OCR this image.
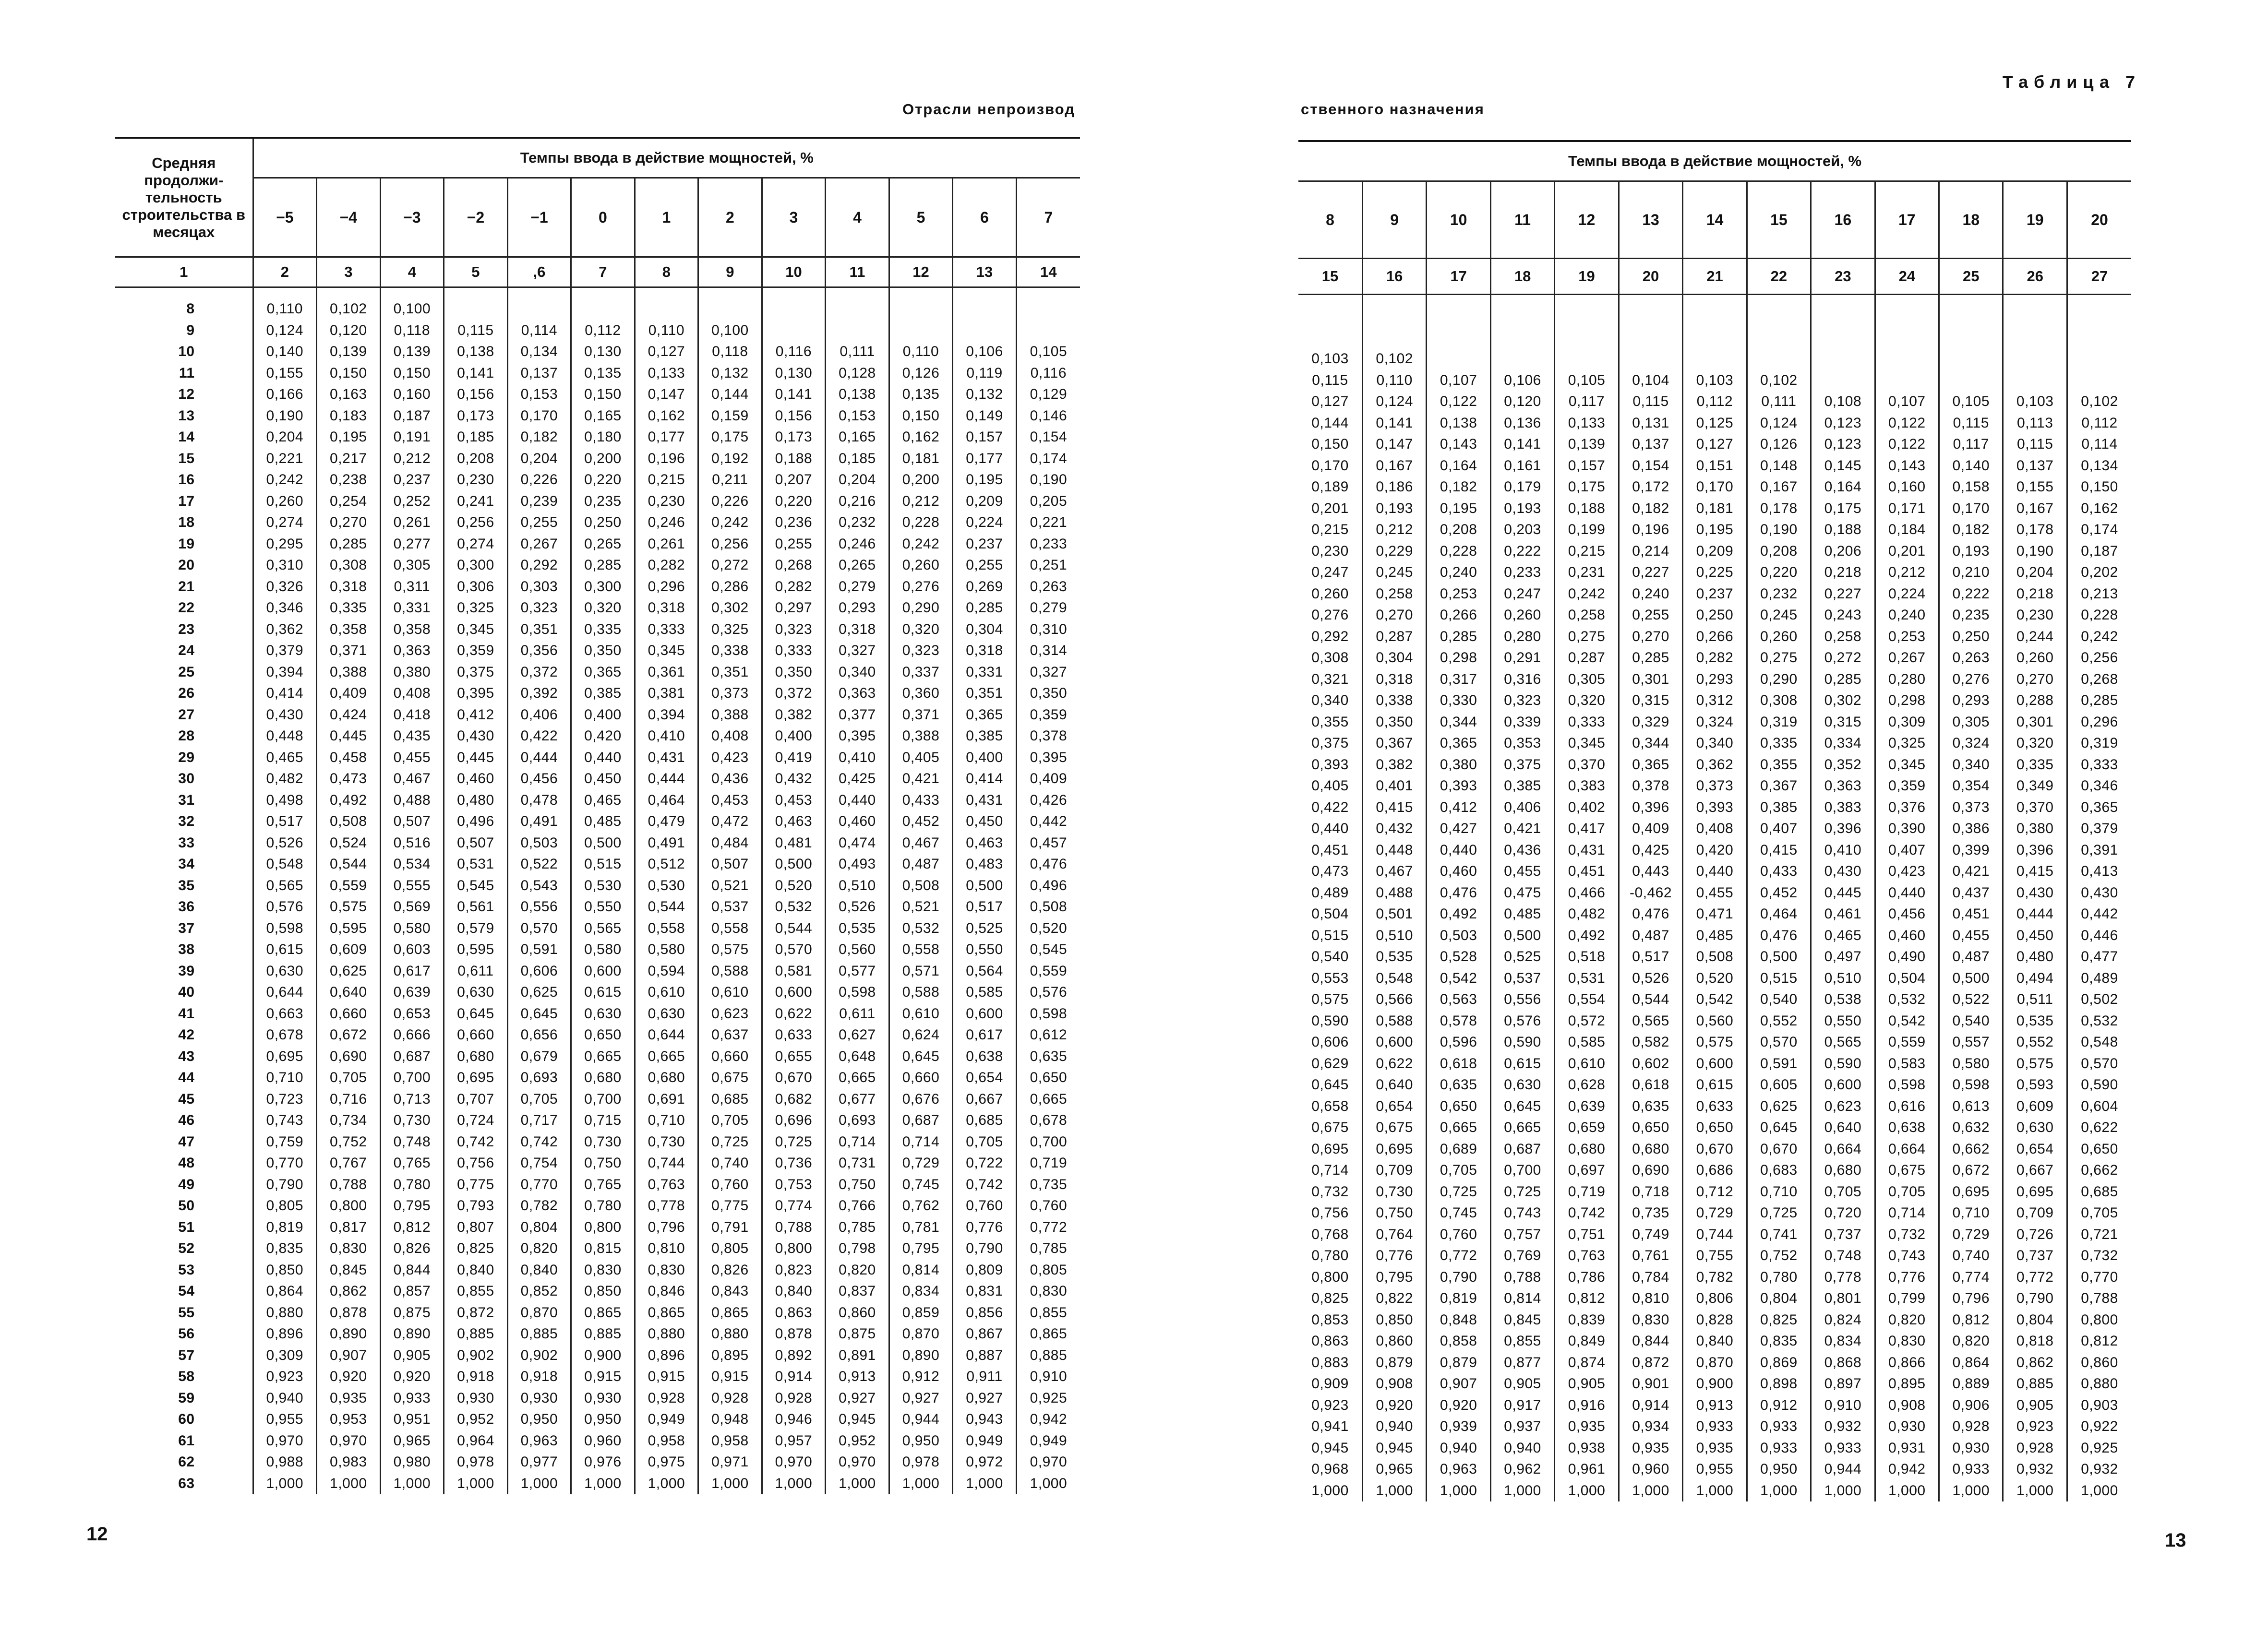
Таблица 7
Отрасли непроизвод	ственного назначения
Средняя продолжи-тельность строительства в месяцах	Темпы ввода в действие мощностей, %												
	−5	−4	−3	−2	−1	0	1	2	3	4	5	6	7
1	2	3	4	5	,6	7	8	9	10	11	12	13	14

8	0,110	0,102	0,100										
9	0,124	0,120	0,118	0,115	0,114	0,112	0,110	0,100					
10	0,140	0,139	0,139	0,138	0,134	0,130	0,127	0,118	0,116	0,111	0,110	0,106	0,105
11	0,155	0,150	0,150	0,141	0,137	0,135	0,133	0,132	0,130	0,128	0,126	0,119	0,116
12	0,166	0,163	0,160	0,156	0,153	0,150	0,147	0,144	0,141	0,138	0,135	0,132	0,129
13	0,190	0,183	0,187	0,173	0,170	0,165	0,162	0,159	0,156	0,153	0,150	0,149	0,146
14	0,204	0,195	0,191	0,185	0,182	0,180	0,177	0,175	0,173	0,165	0,162	0,157	0,154
15	0,221	0,217	0,212	0,208	0,204	0,200	0,196	0,192	0,188	0,185	0,181	0,177	0,174
16	0,242	0,238	0,237	0,230	0,226	0,220	0,215	0,211	0,207	0,204	0,200	0,195	0,190
17	0,260	0,254	0,252	0,241	0,239	0,235	0,230	0,226	0,220	0,216	0,212	0,209	0,205
18	0,274	0,270	0,261	0,256	0,255	0,250	0,246	0,242	0,236	0,232	0,228	0,224	0,221
19	0,295	0,285	0,277	0,274	0,267	0,265	0,261	0,256	0,255	0,246	0,242	0,237	0,233
20	0,310	0,308	0,305	0,300	0,292	0,285	0,282	0,272	0,268	0,265	0,260	0,255	0,251
21	0,326	0,318	0,311	0,306	0,303	0,300	0,296	0,286	0,282	0,279	0,276	0,269	0,263
22	0,346	0,335	0,331	0,325	0,323	0,320	0,318	0,302	0,297	0,293	0,290	0,285	0,279
23	0,362	0,358	0,358	0,345	0,351	0,335	0,333	0,325	0,323	0,318	0,320	0,304	0,310
24	0,379	0,371	0,363	0,359	0,356	0,350	0,345	0,338	0,333	0,327	0,323	0,318	0,314
25	0,394	0,388	0,380	0,375	0,372	0,365	0,361	0,351	0,350	0,340	0,337	0,331	0,327
26	0,414	0,409	0,408	0,395	0,392	0,385	0,381	0,373	0,372	0,363	0,360	0,351	0,350
27	0,430	0,424	0,418	0,412	0,406	0,400	0,394	0,388	0,382	0,377	0,371	0,365	0,359
28	0,448	0,445	0,435	0,430	0,422	0,420	0,410	0,408	0,400	0,395	0,388	0,385	0,378
29	0,465	0,458	0,455	0,445	0,444	0,440	0,431	0,423	0,419	0,410	0,405	0,400	0,395
30	0,482	0,473	0,467	0,460	0,456	0,450	0,444	0,436	0,432	0,425	0,421	0,414	0,409
31	0,498	0,492	0,488	0,480	0,478	0,465	0,464	0,453	0,453	0,440	0,433	0,431	0,426
32	0,517	0,508	0,507	0,496	0,491	0,485	0,479	0,472	0,463	0,460	0,452	0,450	0,442
33	0,526	0,524	0,516	0,507	0,503	0,500	0,491	0,484	0,481	0,474	0,467	0,463	0,457
34	0,548	0,544	0,534	0,531	0,522	0,515	0,512	0,507	0,500	0,493	0,487	0,483	0,476
35	0,565	0,559	0,555	0,545	0,543	0,530	0,530	0,521	0,520	0,510	0,508	0,500	0,496
36	0,576	0,575	0,569	0,561	0,556	0,550	0,544	0,537	0,532	0,526	0,521	0,517	0,508
37	0,598	0,595	0,580	0,579	0,570	0,565	0,558	0,558	0,544	0,535	0,532	0,525	0,520
38	0,615	0,609	0,603	0,595	0,591	0,580	0,580	0,575	0,570	0,560	0,558	0,550	0,545
39	0,630	0,625	0,617	0,611	0,606	0,600	0,594	0,588	0,581	0,577	0,571	0,564	0,559
40	0,644	0,640	0,639	0,630	0,625	0,615	0,610	0,610	0,600	0,598	0,588	0,585	0,576
41	0,663	0,660	0,653	0,645	0,645	0,630	0,630	0,623	0,622	0,611	0,610	0,600	0,598
42	0,678	0,672	0,666	0,660	0,656	0,650	0,644	0,637	0,633	0,627	0,624	0,617	0,612
43	0,695	0,690	0,687	0,680	0,679	0,665	0,665	0,660	0,655	0,648	0,645	0,638	0,635
44	0,710	0,705	0,700	0,695	0,693	0,680	0,680	0,675	0,670	0,665	0,660	0,654	0,650
45	0,723	0,716	0,713	0,707	0,705	0,700	0,691	0,685	0,682	0,677	0,676	0,667	0,665
46	0,743	0,734	0,730	0,724	0,717	0,715	0,710	0,705	0,696	0,693	0,687	0,685	0,678
47	0,759	0,752	0,748	0,742	0,742	0,730	0,730	0,725	0,725	0,714	0,714	0,705	0,700
48	0,770	0,767	0,765	0,756	0,754	0,750	0,744	0,740	0,736	0,731	0,729	0,722	0,719
49	0,790	0,788	0,780	0,775	0,770	0,765	0,763	0,760	0,753	0,750	0,745	0,742	0,735
50	0,805	0,800	0,795	0,793	0,782	0,780	0,778	0,775	0,774	0,766	0,762	0,760	0,760
51	0,819	0,817	0,812	0,807	0,804	0,800	0,796	0,791	0,788	0,785	0,781	0,776	0,772
52	0,835	0,830	0,826	0,825	0,820	0,815	0,810	0,805	0,800	0,798	0,795	0,790	0,785
53	0,850	0,845	0,844	0,840	0,840	0,830	0,830	0,826	0,823	0,820	0,814	0,809	0,805
54	0,864	0,862	0,857	0,855	0,852	0,850	0,846	0,843	0,840	0,837	0,834	0,831	0,830
55	0,880	0,878	0,875	0,872	0,870	0,865	0,865	0,865	0,863	0,860	0,859	0,856	0,855
56	0,896	0,890	0,890	0,885	0,885	0,885	0,880	0,880	0,878	0,875	0,870	0,867	0,865
57	0,309	0,907	0,905	0,902	0,902	0,900	0,896	0,895	0,892	0,891	0,890	0,887	0,885
58	0,923	0,920	0,920	0,918	0,918	0,915	0,915	0,915	0,914	0,913	0,912	0,911	0,910
59	0,940	0,935	0,933	0,930	0,930	0,930	0,928	0,928	0,928	0,927	0,927	0,927	0,925
60	0,955	0,953	0,951	0,952	0,950	0,950	0,949	0,948	0,946	0,945	0,944	0,943	0,942
61	0,970	0,970	0,965	0,964	0,963	0,960	0,958	0,958	0,957	0,952	0,950	0,949	0,949
62	0,988	0,983	0,980	0,978	0,977	0,976	0,975	0,971	0,970	0,970	0,978	0,972	0,970
63	1,000	1,000	1,000	1,000	1,000	1,000	1,000	1,000	1,000	1,000	1,000	1,000	1,000
Темпы ввода в действие мощностей, %												
8	9	10	11	12	13	14	15	16	17	18	19	20
15	16	17	18	19	20	21	22	23	24	25	26	27

0,103	0,102											
0,115	0,110	0,107	0,106	0,105	0,104	0,103	0,102					
0,127	0,124	0,122	0,120	0,117	0,115	0,112	0,111	0,108	0,107	0,105	0,103	0,102
0,144	0,141	0,138	0,136	0,133	0,131	0,125	0,124	0,123	0,122	0,115	0,113	0,112
0,150	0,147	0,143	0,141	0,139	0,137	0,127	0,126	0,123	0,122	0,117	0,115	0,114
0,170	0,167	0,164	0,161	0,157	0,154	0,151	0,148	0,145	0,143	0,140	0,137	0,134
0,189	0,186	0,182	0,179	0,175	0,172	0,170	0,167	0,164	0,160	0,158	0,155	0,150
0,201	0,193	0,195	0,193	0,188	0,182	0,181	0,178	0,175	0,171	0,170	0,167	0,162
0,215	0,212	0,208	0,203	0,199	0,196	0,195	0,190	0,188	0,184	0,182	0,178	0,174
0,230	0,229	0,228	0,222	0,215	0,214	0,209	0,208	0,206	0,201	0,193	0,190	0,187
0,247	0,245	0,240	0,233	0,231	0,227	0,225	0,220	0,218	0,212	0,210	0,204	0,202
0,260	0,258	0,253	0,247	0,242	0,240	0,237	0,232	0,227	0,224	0,222	0,218	0,213
0,276	0,270	0,266	0,260	0,258	0,255	0,250	0,245	0,243	0,240	0,235	0,230	0,228
0,292	0,287	0,285	0,280	0,275	0,270	0,266	0,260	0,258	0,253	0,250	0,244	0,242
0,308	0,304	0,298	0,291	0,287	0,285	0,282	0,275	0,272	0,267	0,263	0,260	0,256
0,321	0,318	0,317	0,316	0,305	0,301	0,293	0,290	0,285	0,280	0,276	0,270	0,268
0,340	0,338	0,330	0,323	0,320	0,315	0,312	0,308	0,302	0,298	0,293	0,288	0,285
0,355	0,350	0,344	0,339	0,333	0,329	0,324	0,319	0,315	0,309	0,305	0,301	0,296
0,375	0,367	0,365	0,353	0,345	0,344	0,340	0,335	0,334	0,325	0,324	0,320	0,319
0,393	0,382	0,380	0,375	0,370	0,365	0,362	0,355	0,352	0,345	0,340	0,335	0,333
0,405	0,401	0,393	0,385	0,383	0,378	0,373	0,367	0,363	0,359	0,354	0,349	0,346
0,422	0,415	0,412	0,406	0,402	0,396	0,393	0,385	0,383	0,376	0,373	0,370	0,365
0,440	0,432	0,427	0,421	0,417	0,409	0,408	0,407	0,396	0,390	0,386	0,380	0,379
0,451	0,448	0,440	0,436	0,431	0,425	0,420	0,415	0,410	0,407	0,399	0,396	0,391
0,473	0,467	0,460	0,455	0,451	0,443	0,440	0,433	0,430	0,423	0,421	0,415	0,413
0,489	0,488	0,476	0,475	0,466	-0,462	0,455	0,452	0,445	0,440	0,437	0,430	0,430
0,504	0,501	0,492	0,485	0,482	0,476	0,471	0,464	0,461	0,456	0,451	0,444	0,442
0,515	0,510	0,503	0,500	0,492	0,487	0,485	0,476	0,465	0,460	0,455	0,450	0,446
0,540	0,535	0,528	0,525	0,518	0,517	0,508	0,500	0,497	0,490	0,487	0,480	0,477
0,553	0,548	0,542	0,537	0,531	0,526	0,520	0,515	0,510	0,504	0,500	0,494	0,489
0,575	0,566	0,563	0,556	0,554	0,544	0,542	0,540	0,538	0,532	0,522	0,511	0,502
0,590	0,588	0,578	0,576	0,572	0,565	0,560	0,552	0,550	0,542	0,540	0,535	0,532
0,606	0,600	0,596	0,590	0,585	0,582	0,575	0,570	0,565	0,559	0,557	0,552	0,548
0,629	0,622	0,618	0,615	0,610	0,602	0,600	0,591	0,590	0,583	0,580	0,575	0,570
0,645	0,640	0,635	0,630	0,628	0,618	0,615	0,605	0,600	0,598	0,598	0,593	0,590
0,658	0,654	0,650	0,645	0,639	0,635	0,633	0,625	0,623	0,616	0,613	0,609	0,604
0,675	0,675	0,665	0,665	0,659	0,650	0,650	0,645	0,640	0,638	0,632	0,630	0,622
0,695	0,695	0,689	0,687	0,680	0,680	0,670	0,670	0,664	0,664	0,662	0,654	0,650
0,714	0,709	0,705	0,700	0,697	0,690	0,686	0,683	0,680	0,675	0,672	0,667	0,662
0,732	0,730	0,725	0,725	0,719	0,718	0,712	0,710	0,705	0,705	0,695	0,695	0,685
0,756	0,750	0,745	0,743	0,742	0,735	0,729	0,725	0,720	0,714	0,710	0,709	0,705
0,768	0,764	0,760	0,757	0,751	0,749	0,744	0,741	0,737	0,732	0,729	0,726	0,721
0,780	0,776	0,772	0,769	0,763	0,761	0,755	0,752	0,748	0,743	0,740	0,737	0,732
0,800	0,795	0,790	0,788	0,786	0,784	0,782	0,780	0,778	0,776	0,774	0,772	0,770
0,825	0,822	0,819	0,814	0,812	0,810	0,806	0,804	0,801	0,799	0,796	0,790	0,788
0,853	0,850	0,848	0,845	0,839	0,830	0,828	0,825	0,824	0,820	0,812	0,804	0,800
0,863	0,860	0,858	0,855	0,849	0,844	0,840	0,835	0,834	0,830	0,820	0,818	0,812
0,883	0,879	0,879	0,877	0,874	0,872	0,870	0,869	0,868	0,866	0,864	0,862	0,860
0,909	0,908	0,907	0,905	0,905	0,901	0,900	0,898	0,897	0,895	0,889	0,885	0,880
0,923	0,920	0,920	0,917	0,916	0,914	0,913	0,912	0,910	0,908	0,906	0,905	0,903
0,941	0,940	0,939	0,937	0,935	0,934	0,933	0,933	0,932	0,930	0,928	0,923	0,922
0,945	0,945	0,940	0,940	0,938	0,935	0,935	0,933	0,933	0,931	0,930	0,928	0,925
0,968	0,965	0,963	0,962	0,961	0,960	0,955	0,950	0,944	0,942	0,933	0,932	0,932
1,000	1,000	1,000	1,000	1,000	1,000	1,000	1,000	1,000	1,000	1,000	1,000	1,000
12	13
